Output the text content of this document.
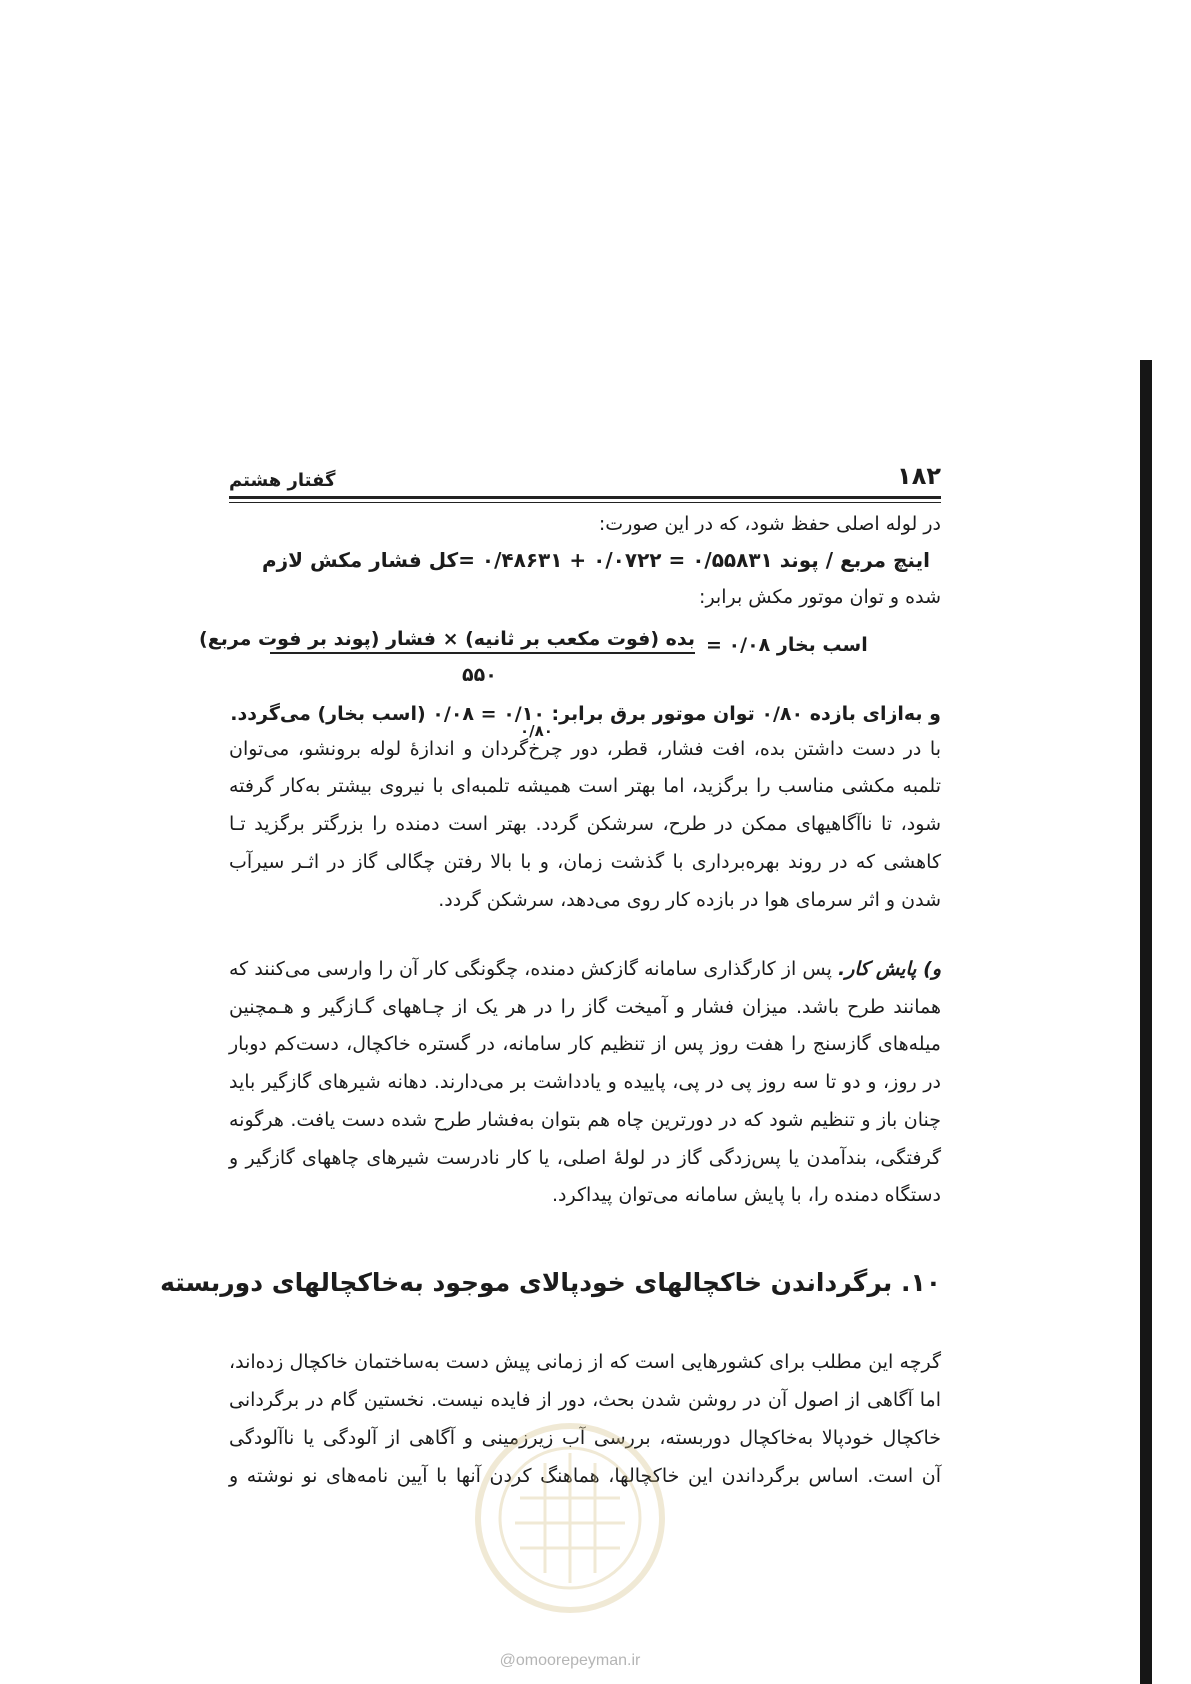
۱۸۲
گفتار هشتم
در لوله اصلی حفظ شود، که در این صورت:
اینچ مربع / پوند ۰/۵۵۸۳۱ = ۰/۰۷۲۲ + ۰/۴۸۶۳۱ =کل فشار مکش لازم
شده و توان موتور مکش برابر:
اسب بخار ۰/۰۸ =
بده (فوت مکعب بر ثانیه) × فشار (پوند بر فوت مربع)
۵۵۰
و به‌ازای بازده ۰/۸۰ توان موتور برق برابر: ۰/۱۰ = ۰/۰۸ (اسب بخار) می‌گردد.
۰/۸۰
با در دست داشتن بده، افت فشار، قطر، دور چرخ‌گردان و اندازهٔ لوله برونشو، می‌توان
تلمبه مکشی مناسب را برگزید، اما بهتر است همیشه تلمبه‌ای با نیروی بیشتر به‌کار گرفته
شود، تا ناآگاهیهای ممکن در طرح، سرشکن گردد. بهتر است دمنده را بزرگتر برگزید تـا
کاهشی که در روند بهره‌برداری با گذشت زمان، و با بالا رفتن چگالی گاز در اثـر سیرآب
شدن و اثر سرمای هوا در بازده کار روی می‌دهد، سرشکن گردد.
و) پایش کار. پس از کارگذاری سامانه گازکش دمنده، چگونگی کار آن را وارسی می‌کنند که
همانند طرح باشد. میزان فشار و آمیخت گاز را در هر یک از چـاههای گـازگیر و هـمچنین
میله‌های گازسنج را هفت روز پس از تنظیم کار سامانه، در گستره خاکچال، دست‌کم دوبار
در روز، و دو تا سه روز پی در پی، پاییده و یادداشت بر می‌دارند. دهانه شیرهای گازگیر باید
چنان باز و تنظیم شود که در دورترین چاه هم بتوان به‌فشار طرح شده دست یافت. هرگونه
گرفتگی، بندآمدن یا پس‌زدگی گاز در لولهٔ اصلی، یا کار نادرست شیرهای چاههای گازگیر و
دستگاه دمنده را، با پایش سامانه می‌توان پیداکرد.
۱۰. برگرداندن خاکچالهای خودپالای موجود به‌خاکچالهای دوربسته
گرچه این مطلب برای کشورهایی است که از زمانی پیش دست به‌ساختمان خاکچال زده‌اند،
اما آگاهی از اصول آن در روشن شدن بحث، دور از فایده نیست. نخستین گام در برگردانی
خاکچال خودپالا به‌خاکچال دوربسته، بررسی آب زیرزمینی و آگاهی از آلودگی یا ناآلودگی
آن است. اساس برگرداندن این خاکچالها، هماهنگ کردن آنها با آیین نامه‌های نو نوشته و
@omoorepeyman.ir
